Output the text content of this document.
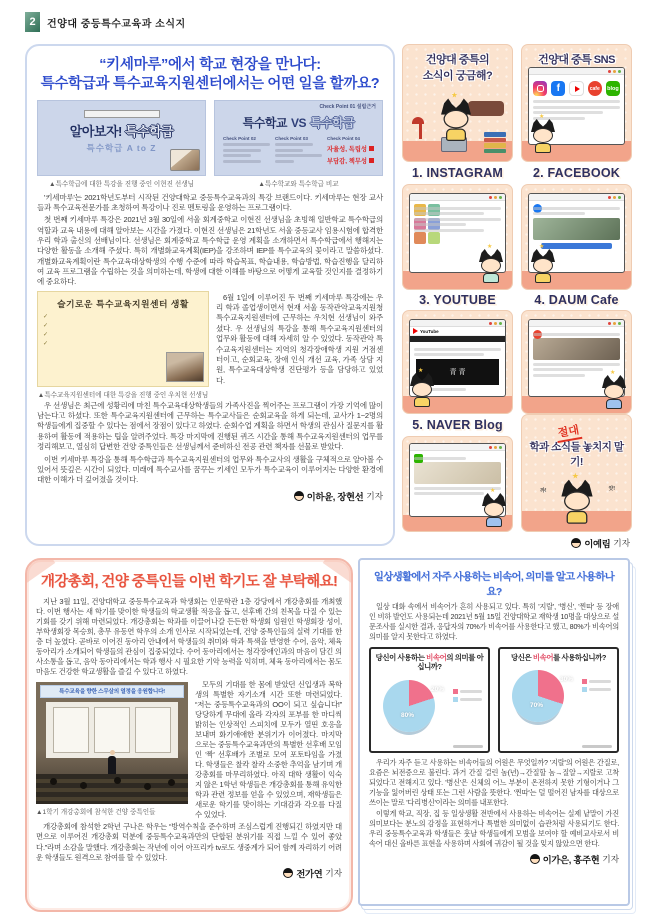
2	건양대 중등특수교육과 소식지
“키세마루”에서 학교 현장을 만나다:
특수학급과 특수교육지원센터에서는 어떤 일을 할까요?
알아보자! 특수학급
특수학급 A to Z
▲특수학급에 대한 특강을 진행 중인 이현진 선생님
Check Point 01 설립근거
특수학교 VS 특수학급
Check Point 02	Check Point 03	Check Point 04
자율성, 독립성
부담감, 책무성
▲특수학교와 특수학급 비교

'키세마루'는 2021학년도부터 시작된 건양대학교 중등특수교육과의 특강 브랜드이다. 키세마루는 현장 교사들과 특수교육전문가를 초청하여 특강이나 진로 멘토링을 운영하는 프로그램이다.

첫 번째 키세마루 특강은 2021년 3월 30일에 서울 회계중학교 이현진 선생님을 초빙해 일반학교 특수학급의 역할과 교육 내용에 대해 알아보는 시간을 가졌다. 이현진 선생님은 21학년도 서울 중등교사 임용시험에 합격한 우리 학과 출신의 선배님이다. 선생님은 회계중학교 특수학급 운영 계획을 소개하면서 특수학급에서 행해지는 다양한 활동을 소개해 주셨다. 특히 개별화교육계획(IEP)을 강조하며 IEP를 특수교육의 꽃이라고 말씀하셨다. 개별화교육계획이란 특수교육대상학생의 수행 수준에 따라 학습목표, 학습내용, 학습방법, 학습진행을 달리하여 교육 프로그램을 수립하는 것을 의미하는데, 학생에 대한 이해를 바탕으로 어떻게 교육할 것인지를 결정하기에 중요하다.

슬기로운 특수교육지원센터 생활
✓
✓
✓
✓
▲특수교육지원센터에 대한 특강을 진행 중인 우치현 선생님

6월 1일에 이루어진 두 번째 키세마루 특강에는 우리 학과 졸업생이면서 현재 서울 동작관악교육지원청 특수교육지원센터에 근무하는 우치현 선생님이 와주셨다. 우 선생님의 특강을 통해 특수교육지원센터의 업무와 활동에 대해 자세히 알 수 있었다. 동작관악 특수교육지원센터는 지역의 청각장애학생 지원 거점센터이고, 순회교육, 장애 인식 개선 교육, 가족 상담 지원, 특수교육대상학생 진단평가 등을 담당하고 있었다.

우 선생님은 최근에 성황리에 마친 특수교육대상학생들의 가족사진을 찍어주는 프로그램이 가장 기억에 많이 남는다고 하셨다. 또한 특수교육지원센터에 근무하는 특수교사들은 순회교육을 하게 되는데, 교사가 1~2명의 학생들에게 집중할 수 있다는 점에서 장점이 있다고 하였다. 순회수업 계획을 하면서 학생의 관심사 질문지를 활용하여 활동에 적용하는 팁을 알려주었다. 특강 마지막에 진행된 퀴즈 시간을 통해 특수교육지원센터의 업무를 정리해보고, 열심히 답변한 건양 중특인들은 선생님께서 준비하신 전공 관련 책자를 선물로 받았다.

이번 키세마루 특강을 통해 특수학급과 특수교육지원센터의 업무와 특수교사의 생활을 구체적으로 알아볼 수 있어서 뜻깊은 시간이 되었다. 미래에 특수교사를 꿈꾸는 키세인 모두가 특수교육이 이루어지는 다양한 환경에 대한 이해가 더 깊어졌을 것이다.

이하윤, 장현선 기자
건양대 중특의
소식이 궁금해?
★
건양대 중특 SNS
f	cafe	blog
★
1. INSTAGRAM	2. FACEBOOK
★
★
3. YOUTUBE	4. DAUM Cafe
YouTube
青 青
★
★
5. NAVER Blog	절대
학과 소식들 놓치지 말기!
꺄!	얏!
★
★
이예림 기자
개강총회, 건양 중특인들 이번 학기도 잘 부탁해요!

지난 3월 11일, 건양대학교 중등특수교육과 학생회는 인문학관 1층 강당에서 개강총회를 개최했다. 이번 행사는 새 학기를 맞이한 학생들의 학교생활 적응을 돕고, 선후배 간의 친목을 다질 수 있는 기회를 갖기 위해 마련되었다. 개강총회는 학과를 이끌어나갈 든든한 학생회 임원인 학생회장 성이, 부학생회장 목승희, 총무 유동연 학우의 소개 인사로 시작되었는데, 건양 중특인들의 실력 기대를 한층 더 높였다. 곧바로 이어진 동아리 안내에서 학생들의 취미와 학과 특색을 반영한 수어, 음악, 체육 동아리가 소개되어 학생들의 관심이 집중되었다. 수어 동아리에서는 청각장애인과의 마음이 담긴 의사소통을 돕고, 음악 동아리에서는 학과 행사 시 필요한 기악 능력을 익히며, 체육 동아리에서는 몸도 마음도 건강한 학교생활을 즐길 수 있다고 하였다.

특수교육을 향한 스무살의 열정을 응원합니다!
▲1학기 개강총회에 참석한 건양 중특인들

모두의 기대를 한 몸에 받았던 신입생과 복학생의 특별한 자기소개 시간 또한 마련되었다. “저는 중등특수교육과의 OO이 되고 싶습니다!” 당당하게 무대에 올라 각자의 포부를 한 마디씩 밝히는 인상적인 스피치에 모두가 열띤 호응을 보내며 화기애애한 분위기가 이어졌다. 마지막으로는 중등특수교육과만의 특별한 선후배 모임인 '짝' 선후배가 조별로 모여 포토타임을 가졌다. 학생들은 찰칵 찰칵 소중한 추억을 남기며 개강총회를 마무리하였다. 아직 대학 생활이 익숙지 않은 1학년 학생들은 개강총회를 통해 유익한 학과 관련 정보를 얻을 수 있었으며, 재학생들은 새로운 학기를 맞이하는 기대감과 각오를 다질 수 있었다.

개강총회에 참석한 2학년 구나은 학우는 “방역수칙을 준수하며 조심스럽게 진행되긴 하였지만 대면으로 이루어진 개강총회 덕분에 중등특수교육과만의 단합된 분위기를 직접 느낄 수 있어 좋았다.”라며 소감을 말했다. 개강총회는 작년에 이어 아프리카 tv로도 생중계가 되어 함께 자리하기 어려운 학생들도 원격으로 참여를 할 수 있었다.

전가연 기자
일상생활에서 자주 사용하는 비속어, 의미를 알고 사용하나요?

일상 대화 속에서 비속어가 흔히 사용되고 있다. 특히 '지랄', '병신', '찐따' 등 장애인 비하 발언도 사용되는데 2021년 5월 15일 건양대학교 재학생 10명을 대상으로 설문조사를 실시한 결과, 응답자의 70%가 비속어를 사용한다고 했고, 80%가 비속어의 의미를 알지 못한다고 하였다.

당신이 사용하는 비속어의 의미를 아십니까?
80%
20%
당신은 비속어를 사용하십니까?
70%
30%

우리가 자주 듣고 사용하는 비속어들의 어원은 무엇일까? '지랄'의 어원은 간질로, 요즘은 뇌전증으로 불린다. 과거 간질 걸린 놈(년)→간질할 놈→질알→지랄로 고착되었다고 전해지고 있다. '병신'은 신체의 어느 부분이 온전하지 못한 기형이거나 그 기능을 잃어버린 상태 또는 그런 사람을 뜻한다. '찐따'는 덜 떨어진 남자를 대상으로 쓰이는 말로 '다리병신'이라는 의미를 내포한다.

이렇게 학교, 직장, 집 등 일상생활 전반에서 사용하는 비속어는 실제 낱말이 가진 의미보다는 분노의 감정을 표현하거나 특별한 의미없이 습관처럼 사용되기도 한다. 우리 중등특수교육과 학생들은 훗날 학생들에게 모범을 보여야 할 예비교사로서 비속어 대신 올바른 표현을 사용하며 사회에 귀감이 될 것을 잊지 않았으면 한다.

이가은, 홍주현 기자
